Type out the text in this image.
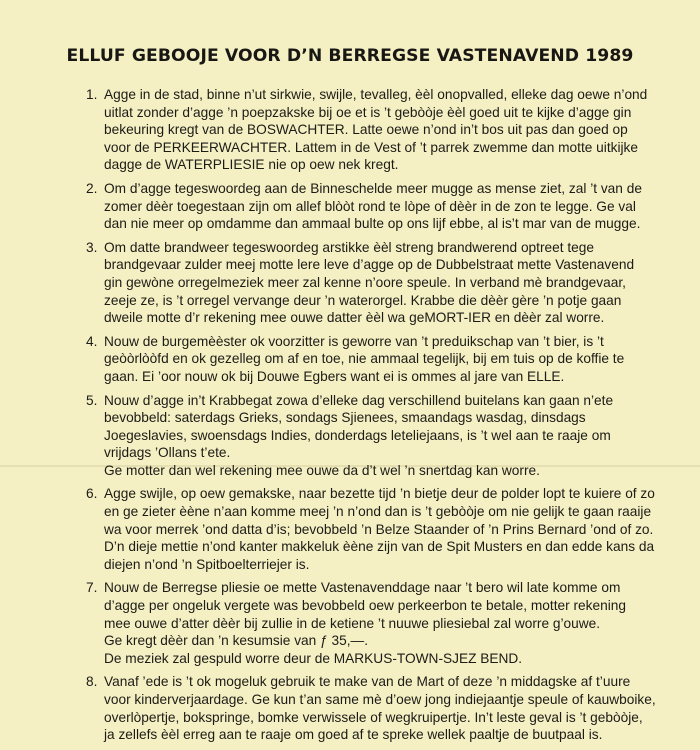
ELLUF GEBOOJE VOOR D’N BERREGSE VASTENAVEND 1989
1. Agge in de stad, binne n’ut sirkwie, swijle, tevalleg, èèl onopvalled, elleke dag oewe n’ond uitlat zonder d’agge ’n poepzakske bij oe et is ’t gebòòje èèl goed uit te kijke d’agge gin bekeuring kregt van de BOSWACHTER. Latte oewe n’ond in’t bos uit pas dan goed op voor de PERKEERWACHTER. Lattem in de Vest of ’t parrek zwemme dan motte uitkijke dagge de WATERPLIESIE nie op oew nek kregt.
2. Om d’agge tegeswoordeg aan de Binneschelde meer mugge as mense ziet, zal ’t van de zomer dèèr toegestaan zijn om allef blòòt rond te lòpe of dèèr in de zon te legge. Ge val dan nie meer op omdamme dan ammaal bulte op ons lijf ebbe, al is’t mar van de mugge.
3. Om datte brandweer tegeswoordeg arstikke èèl streng brandwerend optreet tege brandgevaar zulder meej motte lere leve d’agge op de Dubbelstraat mette Vastenavend gin gewòne orregelmeziek meer zal kenne n’oore speule. In verband mè brandgevaar, zeeje ze, is ’t orregel vervange deur ’n waterorgel. Krabbe die dèèr gère ’n potje gaan dweile motte d’r rekening mee ouwe datter èèl wa geMORT-IER en dèèr zal worre.
4. Nouw de burgemèèster ok voorzitter is geworre van ’t preduikschap van ’t bier, is ’t geòòrlòòfd en ok gezelleg om af en toe, nie ammaal tegelijk, bij em tuis op de koffie te gaan. Ei ’oor nouw ok bij Douwe Egbers want ei is ommes al jare van ELLE.
5. Nouw d’agge in’t Krabbegat zowa d’elleke dag verschillend buitelans kan gaan n’ete bevobbeld: saterdags Grieks, sondags Sjienees, smaandags wasdag, dinsdags Joegeslavies, swoensdags Indies, donderdags leteliejaans, is ’t wel aan te raaje om vrijdags ’Ollans t’ete.
Ge motter dan wel rekening mee ouwe da d’t wel ’n snertdag kan worre.
6. Agge swijle, op oew gemakske, naar bezette tijd ’n bietje deur de polder lopt te kuiere of zo en ge zieter èène n’aan komme meej ’n n’ond dan is ’t gebòòje om nie gelijk te gaan raaije wa voor merrek ’ond datta d’is; bevobbeld ’n Belze Staander of ’n Prins Bernard ’ond of zo.
D’n dieje mettie n’ond kanter makkeluk èène zijn van de Spit Musters en dan edde kans da diejen n’ond ’n Spitboelterriejer is.
7. Nouw de Berregse pliesie oe mette Vastenavenddage naar ’t bero wil late komme om d’agge per ongeluk vergete was bevobbeld oew perkeerbon te betale, motter rekening mee ouwe d’atter dèèr bij zullie in de ketiene ’t nuuwe pliesiebal zal worre g’ouwe.
Ge kregt dèèr dan ’n kesumsie van ƒ 35,—.
De meziek zal gespuld worre deur de MARKUS-TOWN-SJEZ BEND.
8. Vanaf ’ede is ’t ok mogeluk gebruik te make van de Mart of deze ’n middagske af t’uure voor kinderverjaardage. Ge kun t’an same mè d’oew jong indiejaantje speule of kauwboike, overlòpertje, bokspringe, bomke verwissele of wegkruipertje. In’t leste geval is ’t gebòòje, ja zellefs èèl erreg aan te raaje om goed af te spreke wellek paaltje de buutpaal is.
